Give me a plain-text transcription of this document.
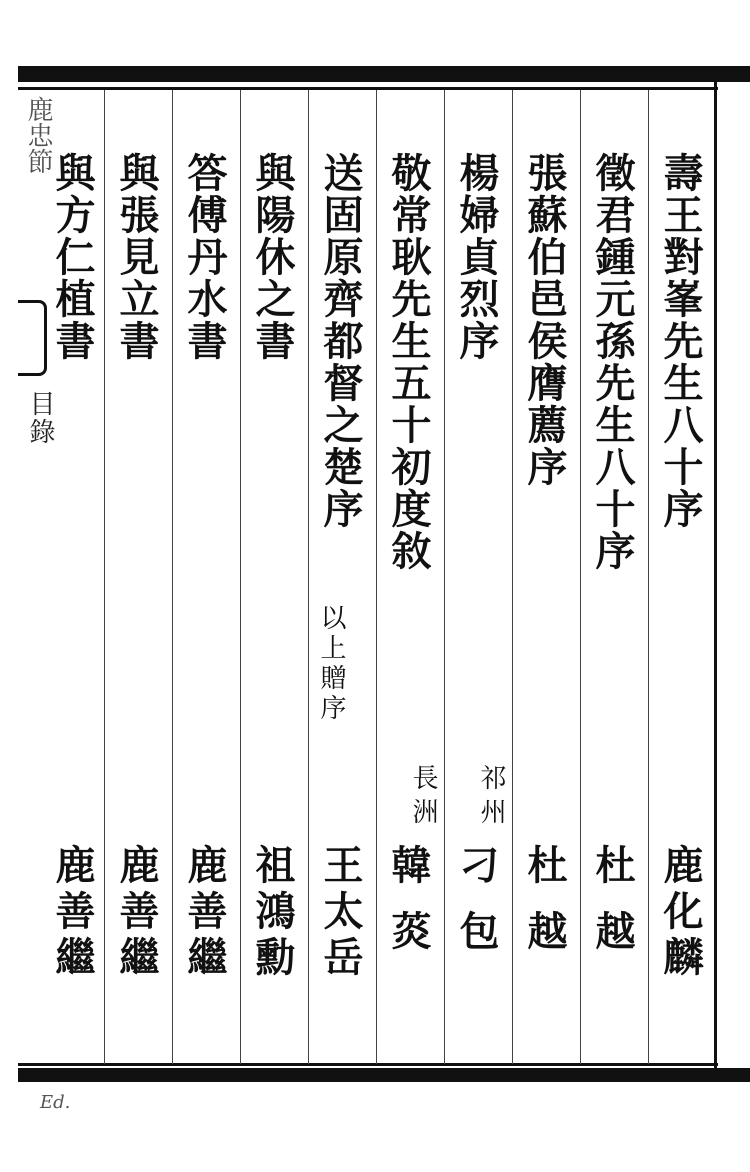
鹿忠節
目錄	壽王對峯先生八十序
鹿化麟
徵君鍾元孫先生八十序
杜越
張蘇伯邑侯膺薦序
杜越
楊婦貞烈序
祁州
刁包
敬常耿先生五十初度敘
長洲
韓菼
送固原齊都督之楚序
以上贈序
王太岳
與陽休之書
祖鴻勳
答傅丹水書
鹿善繼
與張見立書
鹿善繼
與方仁植書
鹿善繼
Ed.
